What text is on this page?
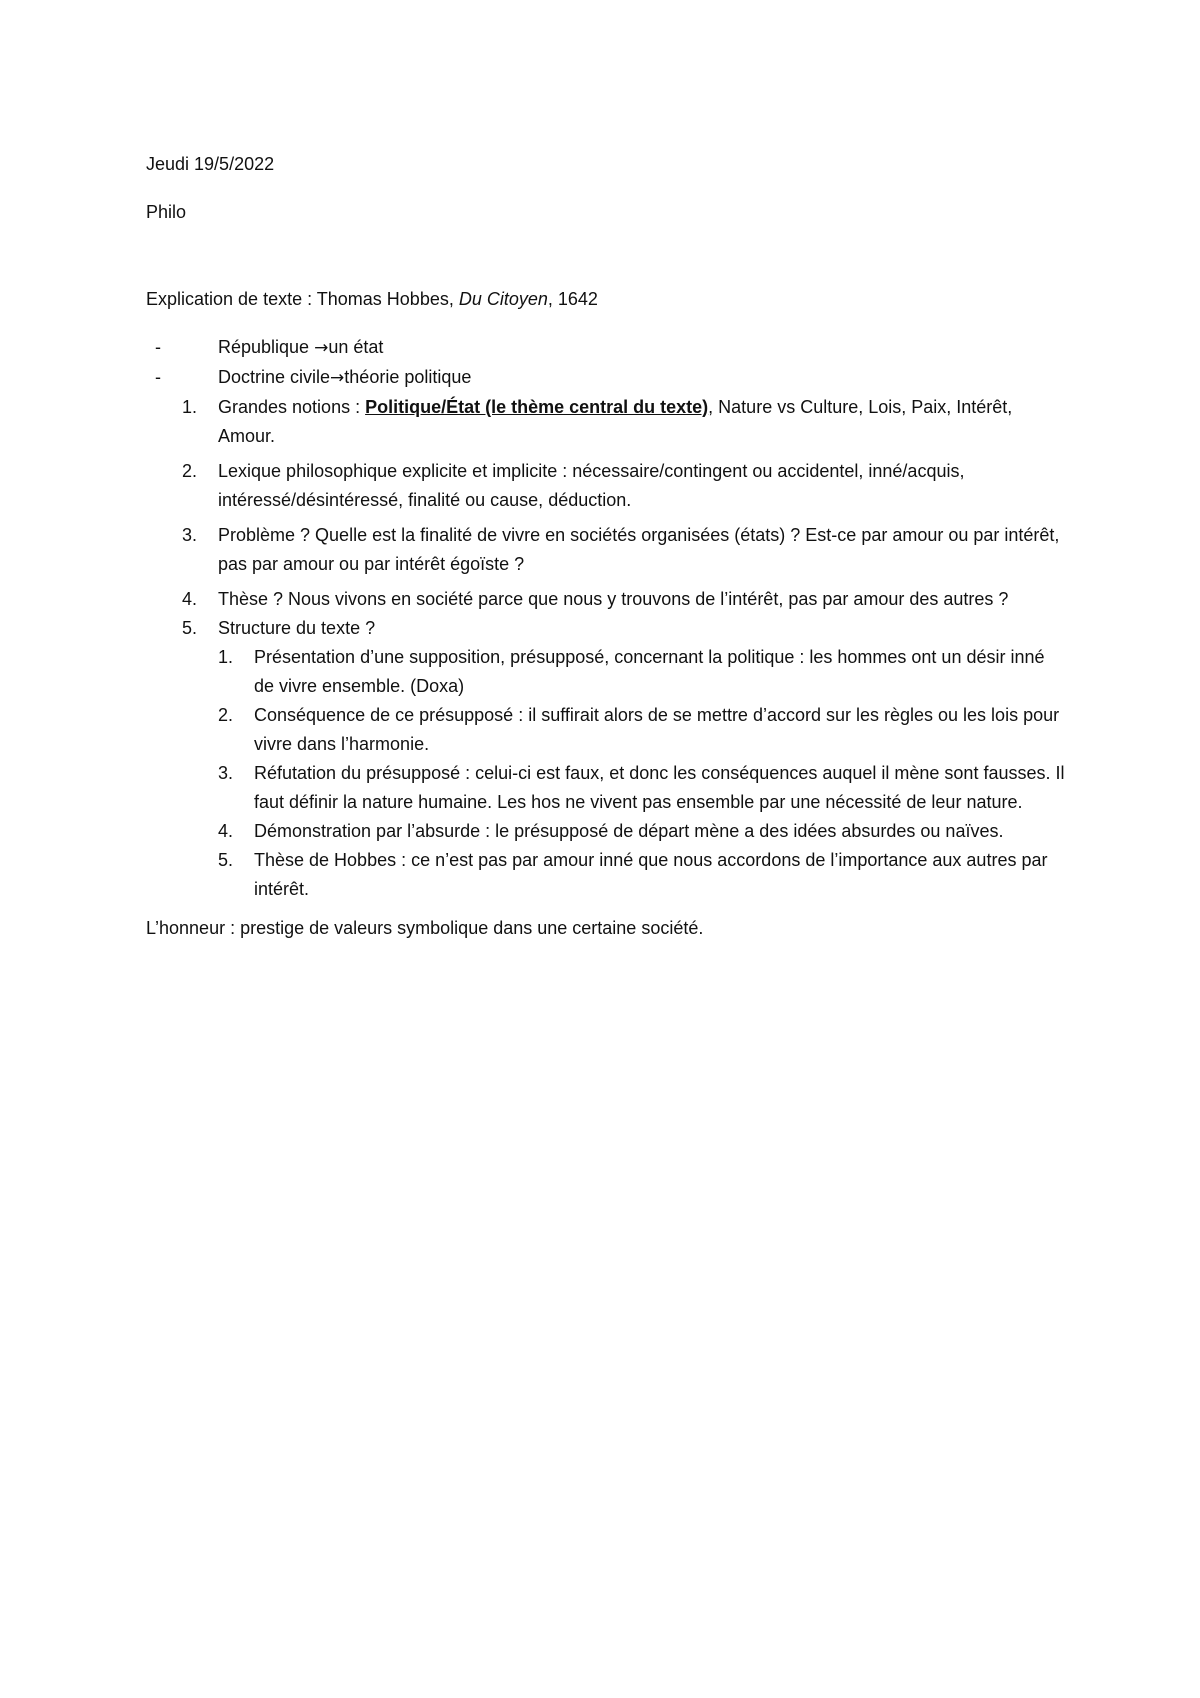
Jeudi 19/5/2022

Philo

Explication de texte : Thomas Hobbes, Du Citoyen, 1642

-	République →un état
-	Doctrine civile→théorie politique
1.	Grandes notions : Politique/État (le thème central du texte), Nature vs Culture, Lois, Paix, Intérêt, Amour.
2.	Lexique philosophique explicite et implicite : nécessaire/contingent ou accidentel, inné/acquis, intéressé/désintéressé, finalité ou cause, déduction.
3.	Problème ? Quelle est la finalité de vivre en sociétés organisées (états) ? Est-ce par amour ou par intérêt, pas par amour ou par intérêt égoïste ?
4.	Thèse ? Nous vivons en société parce que nous y trouvons de l’intérêt, pas par amour des autres ?
5.	Structure du texte ?
1.	Présentation d’une supposition, présupposé, concernant la politique : les hommes ont un désir inné de vivre ensemble. (Doxa)
2.	Conséquence de ce présupposé : il suffirait alors de se mettre d’accord sur les règles ou les lois pour vivre dans l’harmonie.
3.	Réfutation du présupposé : celui-ci est faux, et donc les conséquences auquel il mène sont fausses. Il faut définir la nature humaine. Les hos ne vivent pas ensemble par une nécessité de leur nature.
4.	Démonstration par l’absurde : le présupposé de départ mène a des idées absurdes ou naïves.
5.	Thèse de Hobbes : ce n’est pas par amour inné que nous accordons de l’importance aux autres par intérêt.

L’honneur : prestige de valeurs symbolique dans une certaine société.
